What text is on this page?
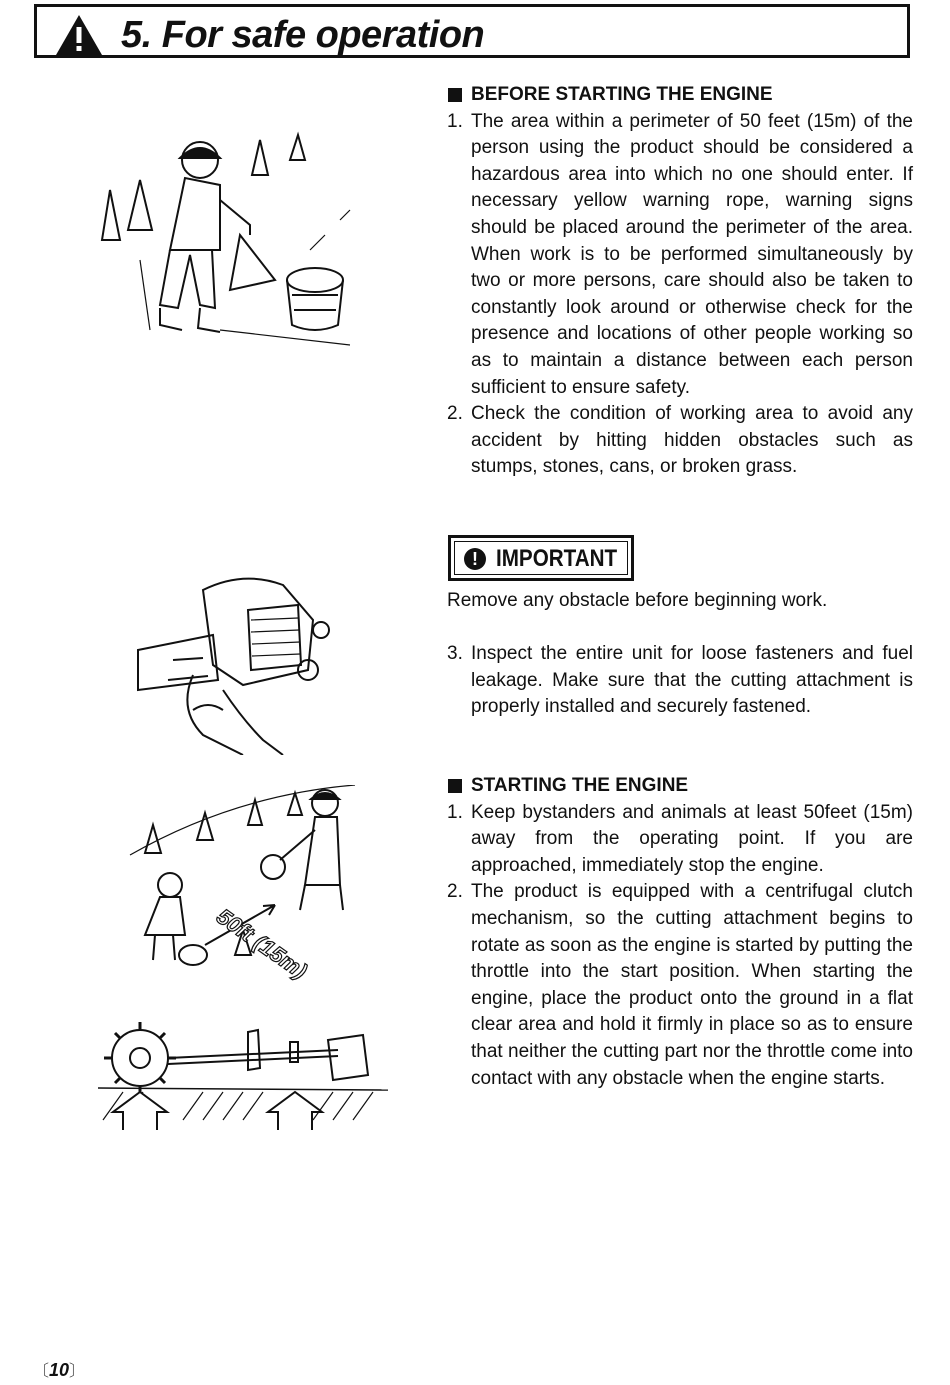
5. For safe operation
BEFORE STARTING THE ENGINE
1. The area within a perimeter of 50 feet (15m) of the person using the product should be considered a hazardous area into which no one should enter. If necessary yellow warning rope, warning signs should be placed around the perimeter of the area. When work is to be performed simultaneously by two or more persons, care should also be taken to constantly look around or otherwise check for the presence and locations of other people working so as to maintain a distance between each person sufficient to ensure safety.
2. Check the condition of working area to avoid any accident by hitting hidden obstacles such as stumps, stones, cans, or broken grass.
! IMPORTANT
Remove any obstacle before beginning work.
3. Inspect the entire unit for loose fasteners and fuel leakage. Make sure that the cutting attachment is properly installed and securely fastened.
STARTING THE ENGINE
1. Keep bystanders and animals at least 50feet (15m) away from the operating point. If you are approached, immediately stop the engine.
2. The product is equipped with a centrifugal clutch mechanism, so the cutting attachment begins to rotate as soon as the engine is started by putting the throttle into the start position. When starting the engine, place the product onto the ground in a flat clear area and hold it firmly in place so as to ensure that neither the cutting part nor the throttle come into contact with any obstacle when the engine starts.
50ft (15m)
〔10〕
